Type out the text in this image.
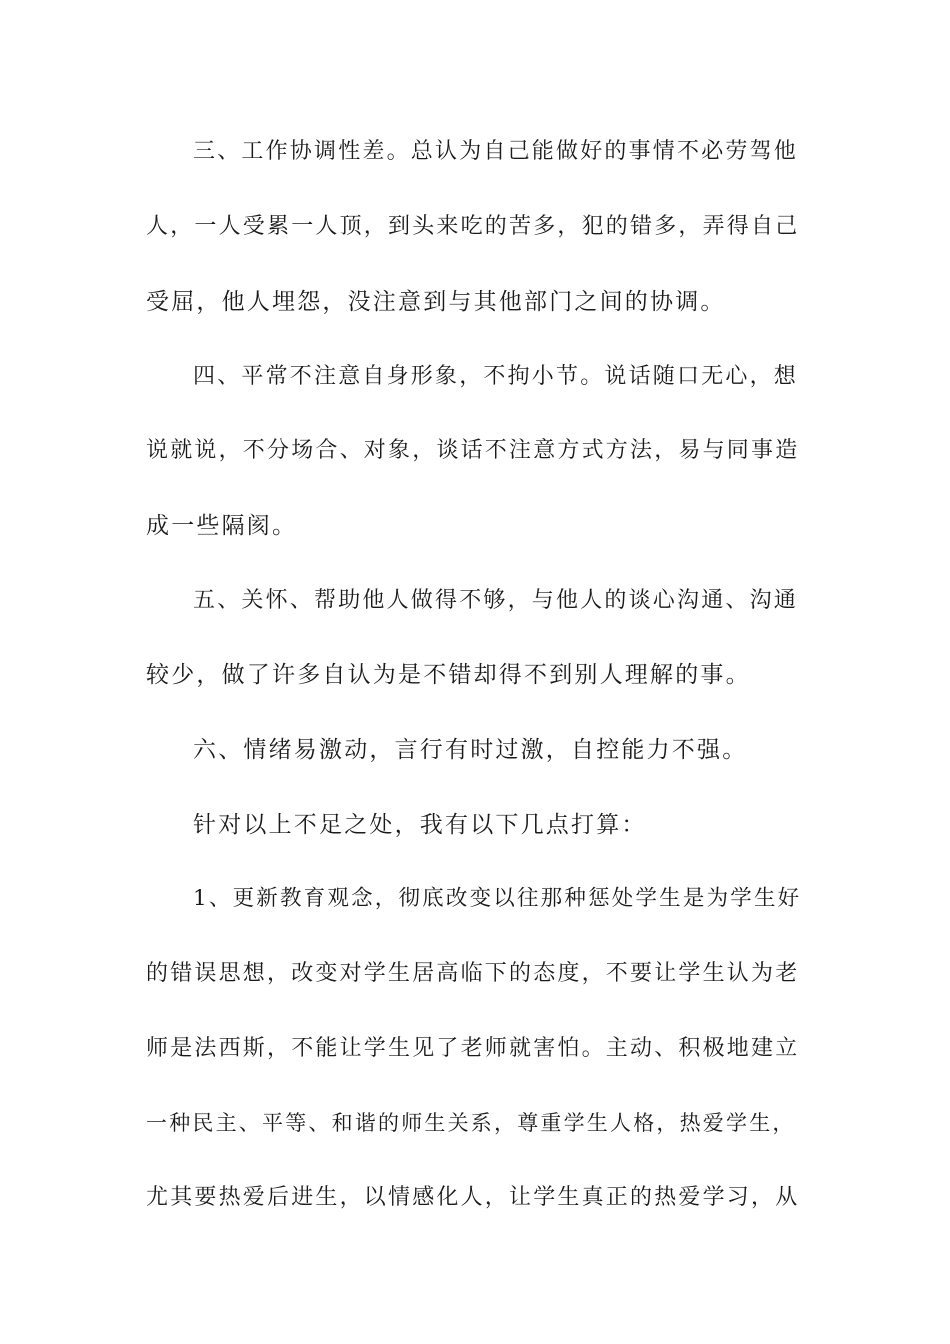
三、工作协调性差。总认为自己能做好的事情不必劳驾他
人，一人受累一人顶，到头来吃的苦多，犯的错多，弄得自己
受屈，他人埋怨，没注意到与其他部门之间的协调。
四、平常不注意自身形象，不拘小节。说话随口无心，想
说就说，不分场合、对象，谈话不注意方式方法，易与同事造
成一些隔阂。
五、关怀、帮助他人做得不够，与他人的谈心沟通、沟通
较少，做了许多自认为是不错却得不到别人理解的事。
六、情绪易激动，言行有时过激，自控能力不强。
针对以上不足之处，我有以下几点打算：
1、更新教育观念，彻底改变以往那种惩处学生是为学生好
的错误思想，改变对学生居高临下的态度，不要让学生认为老
师是法西斯，不能让学生见了老师就害怕。主动、积极地建立
一种民主、平等、和谐的师生关系，尊重学生人格，热爱学生，
尤其要热爱后进生，以情感化人，让学生真正的热爱学习，从
